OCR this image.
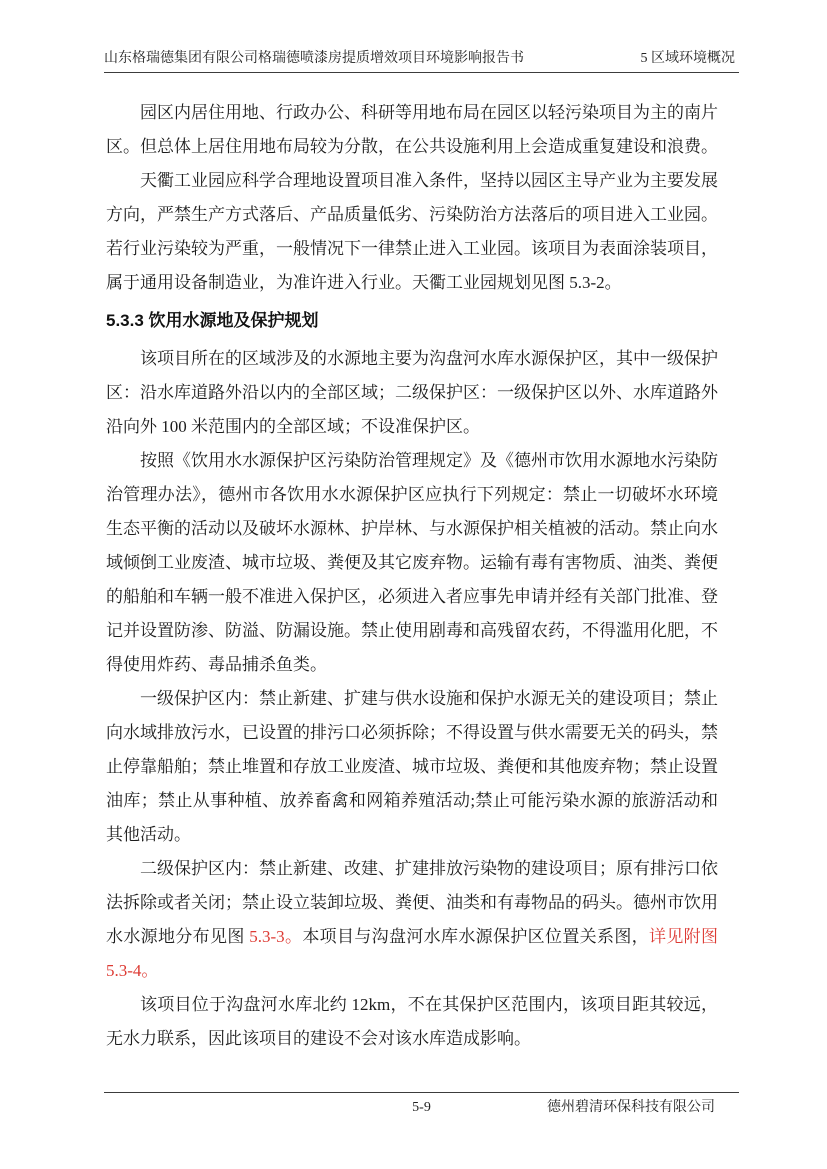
山东格瑞德集团有限公司格瑞德喷漆房提质增效项目环境影响报告书	5 区域环境概况

园区内居住用地、行政办公、科研等用地布局在园区以轻污染项目为主的南片区。但总体上居住用地布局较为分散，在公共设施利用上会造成重复建设和浪费。

天衢工业园应科学合理地设置项目准入条件，坚持以园区主导产业为主要发展方向，严禁生产方式落后、产品质量低劣、污染防治方法落后的项目进入工业园。若行业污染较为严重，一般情况下一律禁止进入工业园。该项目为表面涂装项目，属于通用设备制造业，为准许进入行业。天衢工业园规划见图 5.3-2。

5.3.3 饮用水源地及保护规划

该项目所在的区域涉及的水源地主要为沟盘河水库水源保护区，其中一级保护区：沿水库道路外沿以内的全部区域；二级保护区：一级保护区以外、水库道路外沿向外 100 米范围内的全部区域；不设准保护区。

按照《饮用水水源保护区污染防治管理规定》及《德州市饮用水源地水污染防治管理办法》，德州市各饮用水水源保护区应执行下列规定：禁止一切破坏水环境生态平衡的活动以及破坏水源林、护岸林、与水源保护相关植被的活动。禁止向水域倾倒工业废渣、城市垃圾、粪便及其它废弃物。运输有毒有害物质、油类、粪便的船舶和车辆一般不准进入保护区，必须进入者应事先申请并经有关部门批准、登记并设置防渗、防溢、防漏设施。禁止使用剧毒和高残留农药，不得滥用化肥，不得使用炸药、毒品捕杀鱼类。

一级保护区内：禁止新建、扩建与供水设施和保护水源无关的建设项目；禁止向水域排放污水，已设置的排污口必须拆除；不得设置与供水需要无关的码头，禁止停靠船舶；禁止堆置和存放工业废渣、城市垃圾、粪便和其他废弃物；禁止设置油库；禁止从事种植、放养畜禽和网箱养殖活动;禁止可能污染水源的旅游活动和其他活动。

二级保护区内：禁止新建、改建、扩建排放污染物的建设项目；原有排污口依法拆除或者关闭；禁止设立装卸垃圾、粪便、油类和有毒物品的码头。德州市饮用水水源地分布见图 5.3-3。本项目与沟盘河水库水源保护区位置关系图，详见附图 5.3-4。

该项目位于沟盘河水库北约 12km，不在其保护区范围内，该项目距其较远，无水力联系，因此该项目的建设不会对该水库造成影响。

5-9	德州碧清环保科技有限公司
